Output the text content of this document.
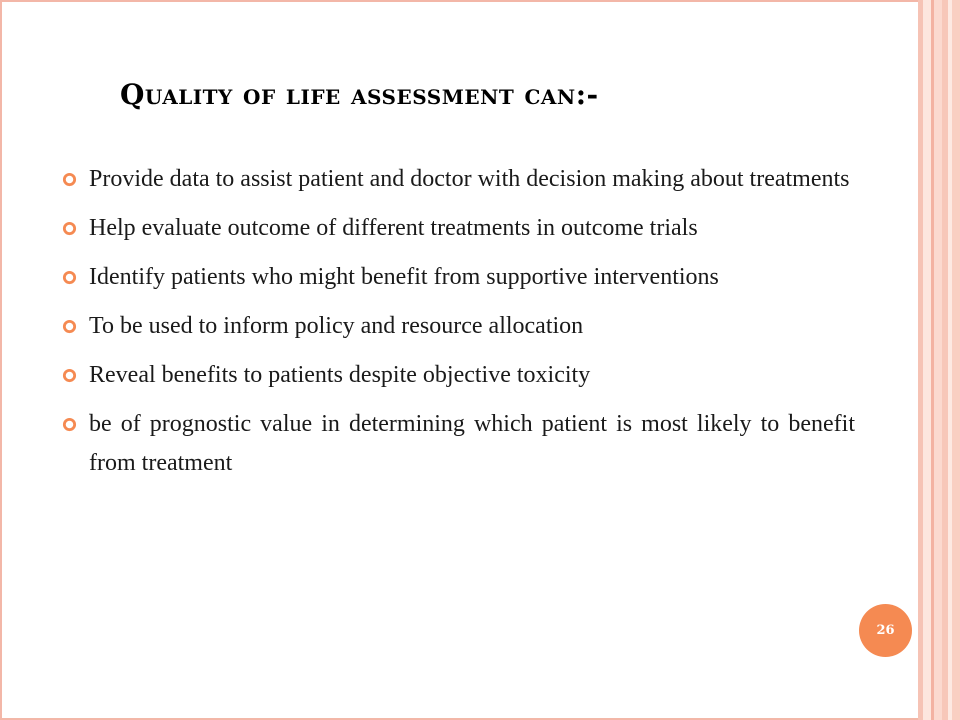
Quality of life assessment can:-
Provide data to assist patient and doctor with decision making about treatments
Help evaluate outcome of different treatments in outcome trials
Identify patients who might benefit from supportive interventions
To be used to inform policy and resource allocation
Reveal benefits to patients despite objective toxicity
be of prognostic value in determining which patient is most likely to benefit from treatment
26
